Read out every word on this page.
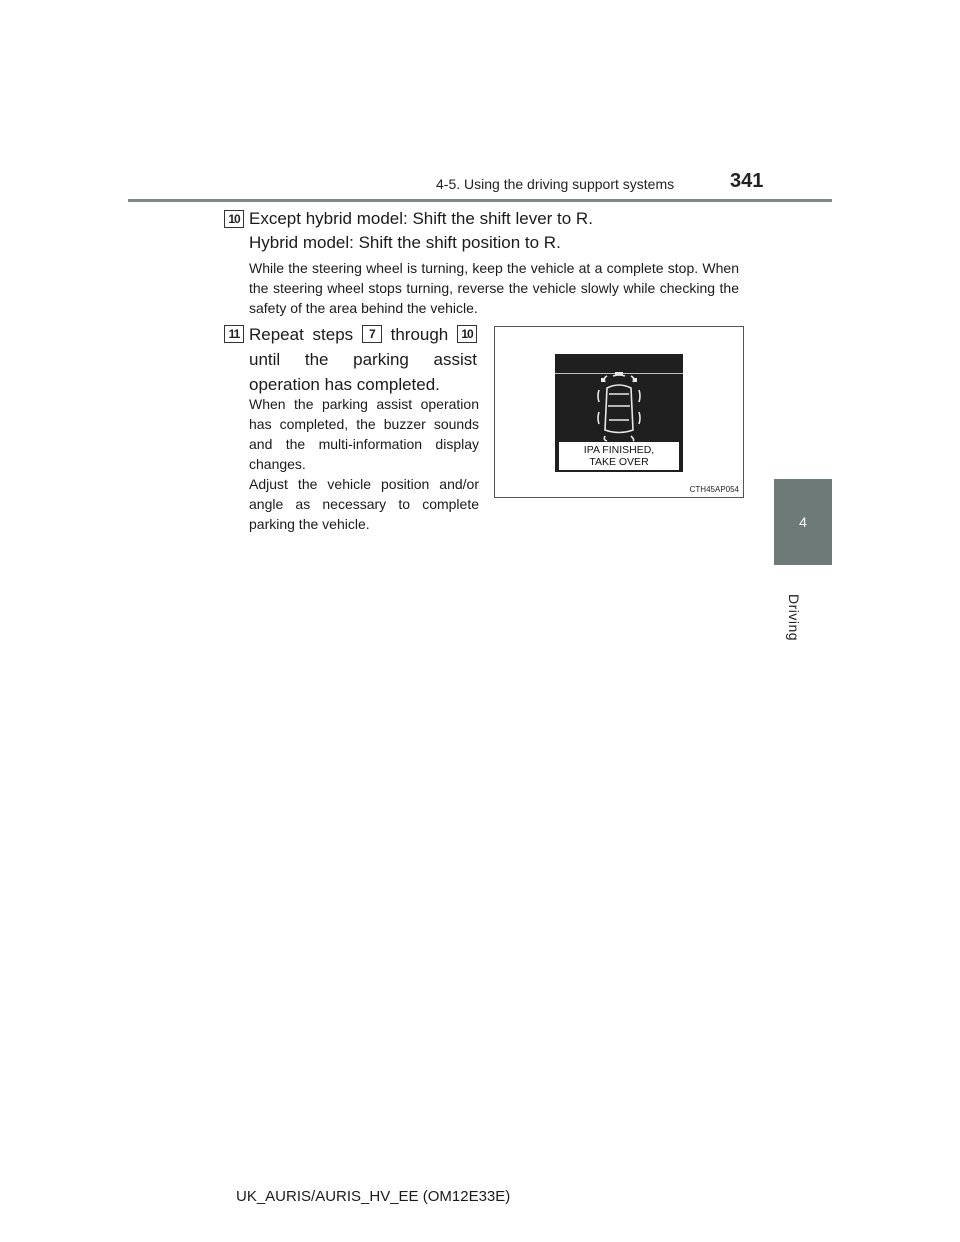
4-5. Using the driving support systems	341
4
Driving
10 Except hybrid model: Shift the shift lever to R.
Hybrid model: Shift the shift position to R.
While the steering wheel is turning, keep the vehicle at a complete stop. When the steering wheel stops turning, reverse the vehicle slowly while checking the safety of the area behind the vehicle.
11 Repeat steps 7 through 10 until the parking assist operation has completed.
When the parking assist operation has completed, the buzzer sounds and the multi-information display changes.
Adjust the vehicle position and/or angle as necessary to complete parking the vehicle.
IPA FINISHED,
TAKE OVER
CTH45AP054
UK_AURIS/AURIS_HV_EE (OM12E33E)
